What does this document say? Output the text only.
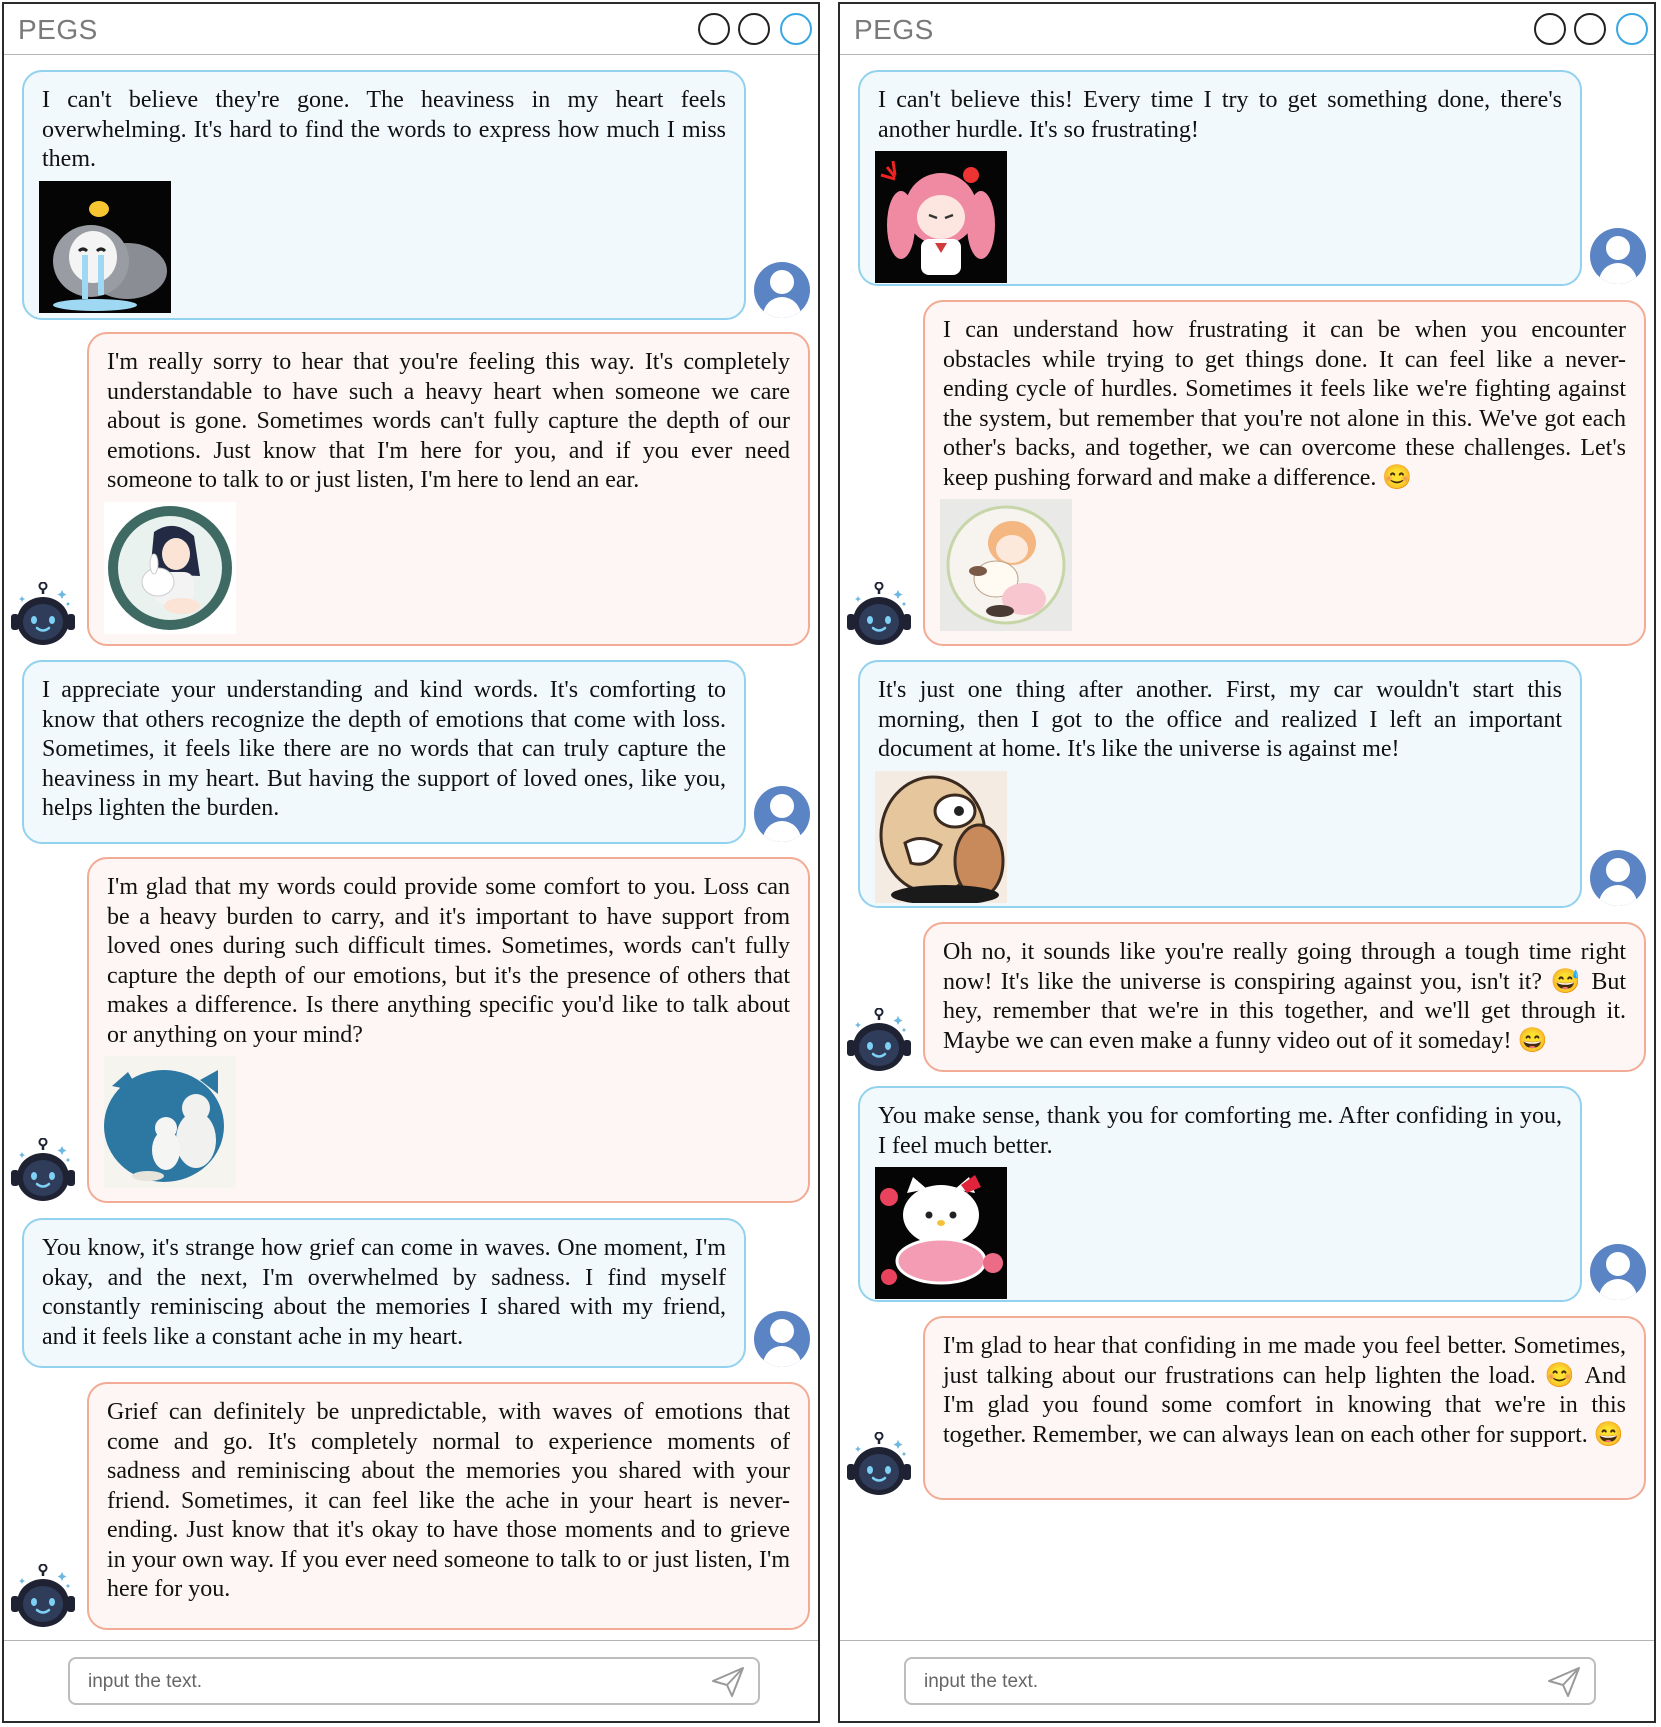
PEGS
I can't believe they're gone. The heaviness in my heart feels overwhelming. It's hard to find the words to express how much I miss them.
I'm really sorry to hear that you're feeling this way. It's completely understandable to have such a heavy heart when someone we care about is gone. Sometimes words can't fully capture the depth of our emotions. Just know that I'm here for you, and if you ever need someone to talk to or just listen, I'm here to lend an ear.
I appreciate your understanding and kind words. It's comforting to know that others recognize the depth of emotions that come with loss. Sometimes, it feels like there are no words that can truly capture the heaviness in my heart. But having the support of loved ones, like you, helps lighten the burden.
I'm glad that my words could provide some comfort to you. Loss can be a heavy burden to carry, and it's important to have support from loved ones during such difficult times. Sometimes, words can't fully capture the depth of our emotions, but it's the presence of others that makes a difference. Is there anything specific you'd like to talk about or anything on your mind?
You know, it's strange how grief can come in waves. One moment, I'm okay, and the next, I'm overwhelmed by sadness. I find myself constantly reminiscing about the memories I shared with my friend, and it feels like a constant ache in my heart.
Grief can definitely be unpredictable, with waves of emotions that come and go. It's completely normal to experience moments of sadness and reminiscing about the memories you shared with your friend. Sometimes, it can feel like the ache in your heart is never-ending. Just know that it's okay to have those moments and to grieve in your own way. If you ever need someone to talk to or just listen, I'm here for you.
input the text.
PEGS
I can't believe this! Every time I try to get something done, there's another hurdle. It's so frustrating!
I can understand how frustrating it can be when you encounter obstacles while trying to get things done. It can feel like a never-ending cycle of hurdles. Sometimes it feels like we're fighting against the system, but remember that you're not alone in this. We've got each other's backs, and together, we can overcome these challenges. Let's keep pushing forward and make a difference. 😊
It's just one thing after another. First, my car wouldn't start this morning, then I got to the office and realized I left an important document at home. It's like the universe is against me!
Oh no, it sounds like you're really going through a tough time right now! It's like the universe is conspiring against you, isn't it? 😅 But hey, remember that we're in this together, and we'll get through it. Maybe we can even make a funny video out of it someday! 😄
You make sense, thank you for comforting me. After confiding in you, I feel much better.
I'm glad to hear that confiding in me made you feel better. Sometimes, just talking about our frustrations can help lighten the load. 😊 And I'm glad you found some comfort in knowing that we're in this together. Remember, we can always lean on each other for support. 😄
input the text.
